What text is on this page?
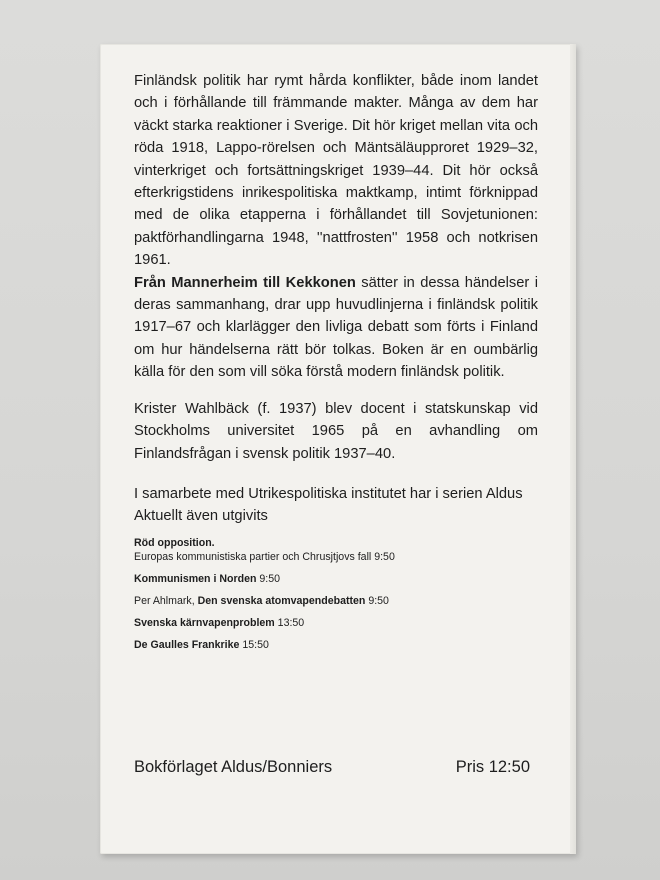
Finländsk politik har rymt hårda konflikter, både inom landet och i förhållande till främmande makter. Många av dem har väckt starka reaktioner i Sverige. Dit hör kriget mellan vita och röda 1918, Lappo-rörelsen och Mäntsäläupproret 1929–32, vinterkriget och fortsättningskriget 1939–44. Dit hör också efterkrigstidens inrikespolitiska maktkamp, intimt förknippad med de olika etapperna i förhållandet till Sovjetunionen: paktförhandlingarna 1948, ''nattfrosten'' 1958 och notkrisen 1961.

Från Mannerheim till Kekkonen sätter in dessa händelser i deras sammanhang, drar upp huvudlinjerna i finländsk politik 1917–67 och klarlägger den livliga debatt som förts i Finland om hur händelserna rätt bör tolkas. Boken är en oumbärlig källa för den som vill söka förstå modern finländsk politik.

Krister Wahlbäck (f. 1937) blev docent i statskunskap vid Stockholms universitet 1965 på en avhandling om Finlandsfrågan i svensk politik 1937–40.

I samarbete med Utrikespolitiska institutet har i serien Aldus Aktuellt även utgivits

Röd opposition.
Europas kommunistiska partier och Chrusjtjovs fall 9:50

Kommunismen i Norden 9:50

Per Ahlmark, Den svenska atomvapendebatten 9:50

Svenska kärnvapenproblem 13:50

De Gaulles Frankrike 15:50

Bokförlaget Aldus/Bonniers	Pris 12:50
